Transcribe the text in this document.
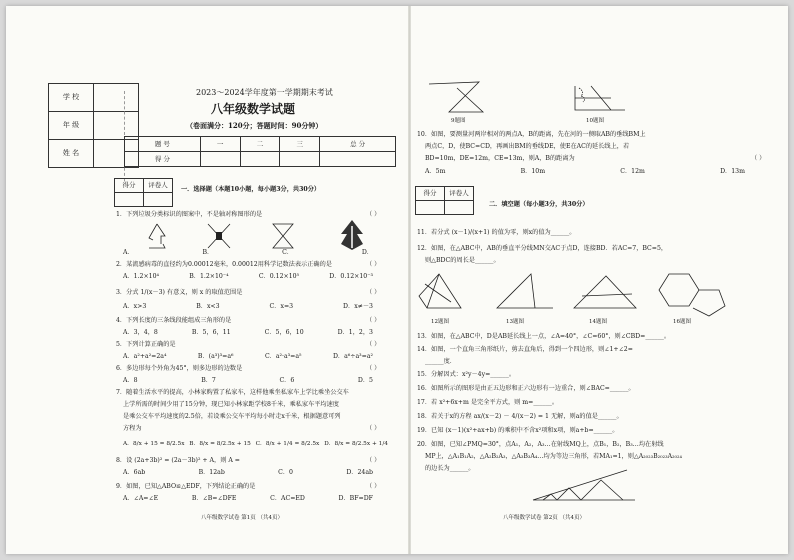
学 校	
年 级	
姓 名	
2023～2024学年度第一学期期末考试
八年级数学试题
（卷面满分：120分；答题时间：90分钟）
题 号	一	二	三	总 分
得 分				
得分	评卷人

一．选择题（本题10小题，每小题3分，共30分）
1．下列垃圾分类标识的图案中，不是轴对称图形的是	（ ）
A．	B．	C．	D．
2．某流感病毒的直径约为0.00012毫米，0.00012用科学记数法表示正确的是	（ ）
A．1.2×10⁴	B．1.2×10⁻⁴	C．0.12×10⁵	D．0.12×10⁻³
3．分式 1/(x－3) 有意义，则 x 的取值范围是	（ ）
A．x>3	B．x<3	C．x=3	D．x≠－3
4．下列长度的三条线段能组成三角形的是	（ ）
A．3，4，8	B．5，6，11	C．5，6，10	D．1，2，3
5．下列计算正确的是	（ ）
A．a²+a²=2a⁴	B．(a³)³=a⁶	C．a²·a³=a⁵	D．a⁶÷a³=a²
6．多边形每个外角为45°，则多边形的边数是	（ ）
A．8	B．7	C．6	D．5
7．随着生活水平的提高，小林家购置了私家车，这样他乘坐私家车上学比乘坐公交车
上学所需的时间少用了15分钟，现已知小林家距学校8千米，乘私家车平均速度
是乘公交车平均速度的2.5倍，若设乘公交车平均每小时走x千米，根据题意可列
方程为	（ ）
A．8/x + 15 = 8/2.5x B．8/x = 8/2.5x + 15 C．8/x + 1/4 = 8/2.5x D．8/x = 8/2.5x + 1/4
8．设 (2a+3b)² = (2a－3b)² + A，则 A =	（ ）
A．6ab	B．12ab	C．0	D．24ab
9．如图，已知△ABO≌△EDF，下列结论正确的是	（ ）
A．∠A=∠E	B．∠B=∠DFE	C．AC=ED	D．BF=DF
八年级数学试卷 第1页 （共4页）
9题图	10题图
10．如图，要测量河两岸相对的两点A，B的距离，先在河的一侧取AB的垂线BM上
两点C，D，使BC=CD，再画出BM的垂线DE，使E在AC的延长线上，若
BD=10m，DE=12m，CE=13m，则A，B的距离为	（ ）
A．5m	B．10m	C．12m	D．13m
得分	评卷人

二．填空题（每小题3分，共30分）
11．若分式 (x－1)/(x+1) 的值为零，则x的值为______。
12．如图，在△ABC中，AB的垂直平分线MN交AC于点D，连接BD．若AC=7，BC=5，
则△BDC的周长是______。
12题图	13题图	14题图	16题图
13．如图，在△ABC中，D是AB延长线上一点，∠A=40°，∠C=60°，则∠CBD=______。
14．如图，一个直角三角形纸片，剪去直角后，得到一个四边形，则∠1+∠2=
______度．
15．分解因式：x²y－4y=______。
16．如图所示的图形是由正五边形和正六边形有一边重合，则∠BAC=______。
17．若 x²+6x+m 是完全平方式，则 m=______。
18．若关于x的方程 ax/(x－2) － 4/(x－2) = 1 无解，则a的值是______。
19．已知 (x－1)(x²+ax+b) 的乘积中不含x²项和x项，则a+b=______。
20．如图，已知∠PMQ=30°，点A₁，A₂，A₃…在射线MQ上，点B₁，B₂，B₃…均在射线
MP上，△A₁B₁A₂，△A₂B₂A₃，△A₃B₃A₄…均为等边三角形，若MA₁=1，则△A₂₀₂₃B₂₀₂₃A₂₀₂₄
的边长为______。
八年级数学试卷 第2页 （共4页）
